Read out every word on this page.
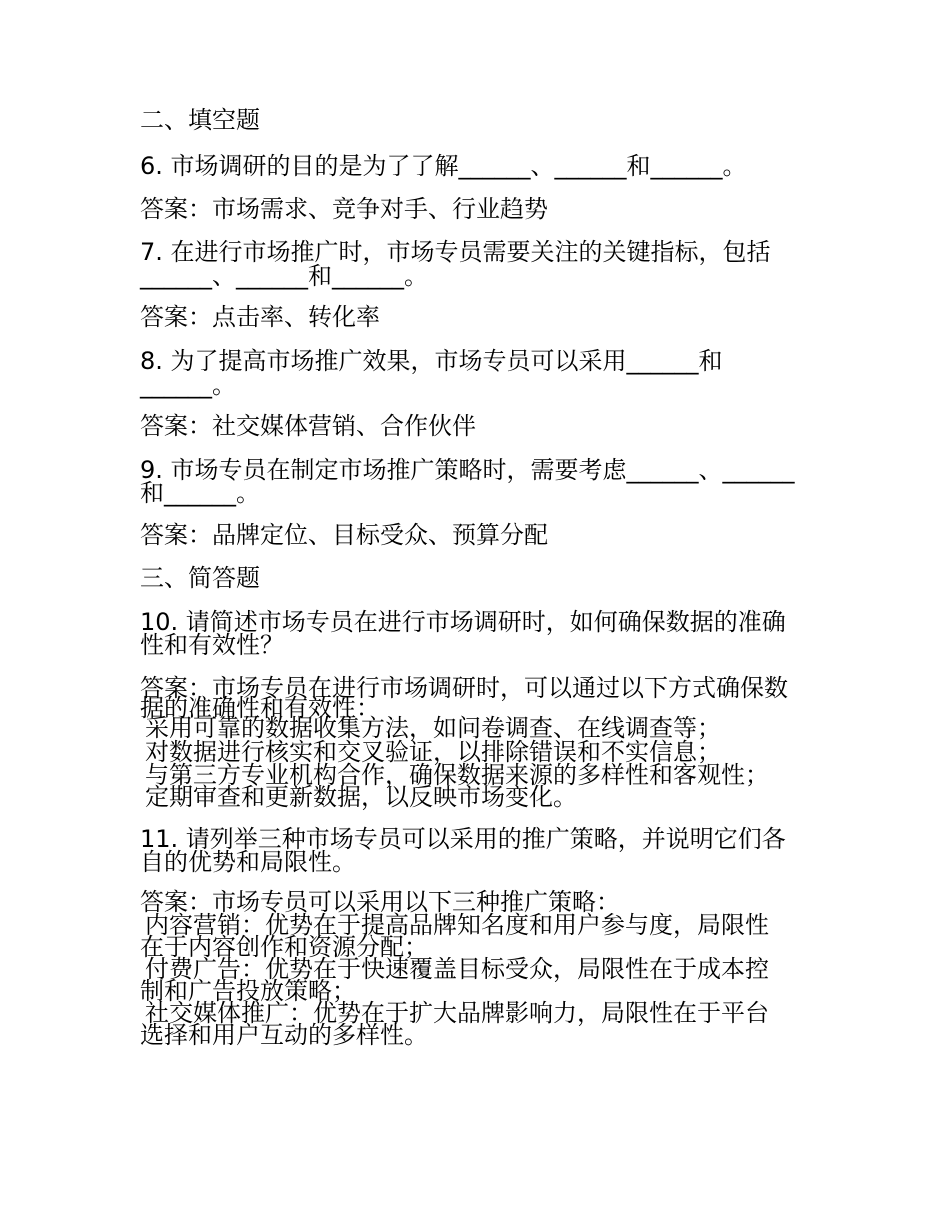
二、填空题
6. 市场调研的目的是为了了解______、______和______。
答案：市场需求、竞争对手、行业趋势
7. 在进行市场推广时，市场专员需要关注的关键指标，包括
______、______和______。
答案：点击率、转化率
8. 为了提高市场推广效果，市场专员可以采用______和
______。
答案：社交媒体营销、合作伙伴
9. 市场专员在制定市场推广策略时，需要考虑______、______
和______。
答案：品牌定位、目标受众、预算分配
三、简答题
10. 请简述市场专员在进行市场调研时，如何确保数据的准确
性和有效性？
答案：市场专员在进行市场调研时，可以通过以下方式确保数
据的准确性和有效性：
采用可靠的数据收集方法，如问卷调查、在线调查等；
对数据进行核实和交叉验证，以排除错误和不实信息；
与第三方专业机构合作，确保数据来源的多样性和客观性；
定期审查和更新数据，以反映市场变化。
11. 请列举三种市场专员可以采用的推广策略，并说明它们各
自的优势和局限性。
答案：市场专员可以采用以下三种推广策略：
内容营销：优势在于提高品牌知名度和用户参与度，局限性
在于内容创作和资源分配；
付费广告：优势在于快速覆盖目标受众，局限性在于成本控
制和广告投放策略；
社交媒体推广：优势在于扩大品牌影响力，局限性在于平台
选择和用户互动的多样性。
